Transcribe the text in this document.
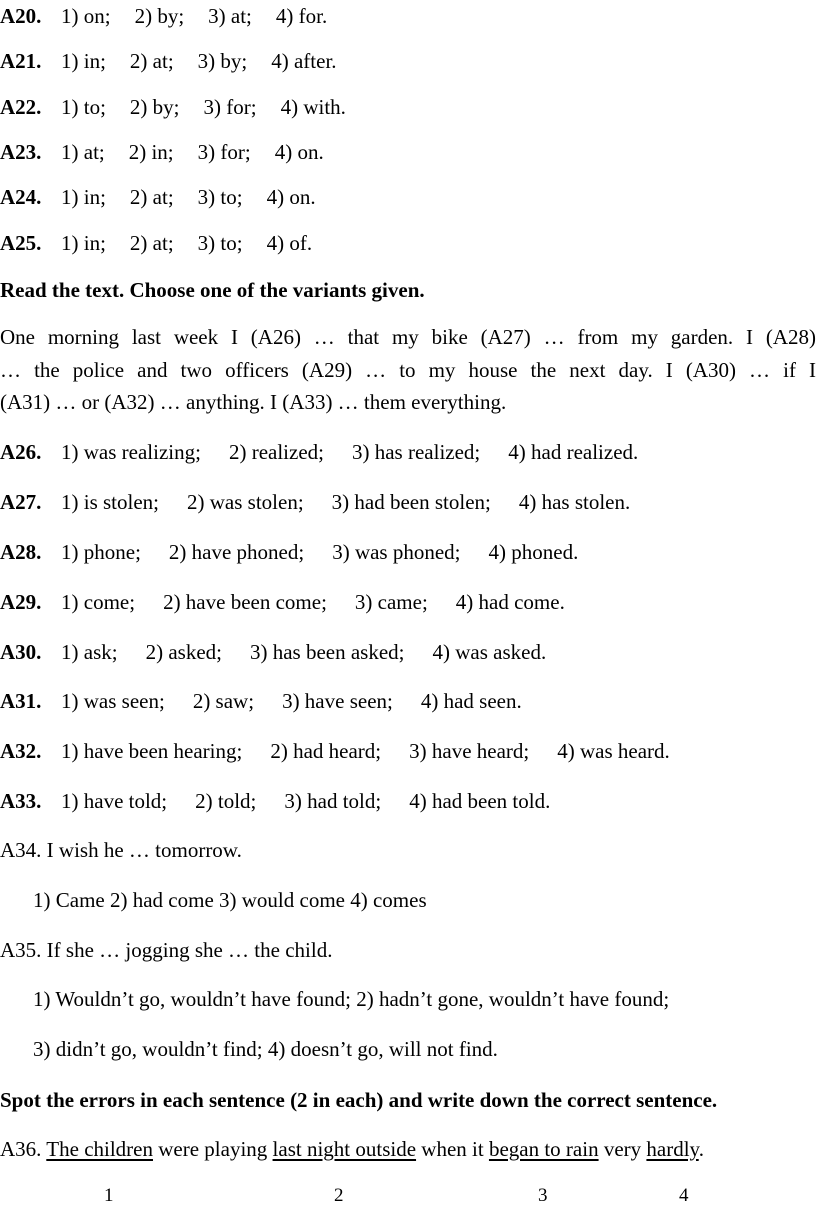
A20. 1) on; 2) by; 3) at; 4) for.
A21. 1) in; 2) at; 3) by; 4) after.
A22. 1) to; 2) by; 3) for; 4) with.
A23. 1) at; 2) in; 3) for; 4) on.
A24. 1) in; 2) at; 3) to; 4) on.
A25. 1) in; 2) at; 3) to; 4) of.
Read the text. Choose one of the variants given.
One morning last week I (A26) … that my bike (A27) … from my garden. I (A28)
… the police and two officers (A29) … to my house the next day. I (A30) … if I
(A31) … or (A32) … anything. I (A33) … them everything.
A26. 1) was realizing; 2) realized; 3) has realized; 4) had realized.
A27. 1) is stolen; 2) was stolen; 3) had been stolen; 4) has stolen.
A28. 1) phone; 2) have phoned; 3) was phoned; 4) phoned.
A29. 1) come; 2) have been come; 3) came; 4) had come.
A30. 1) ask; 2) asked; 3) has been asked; 4) was asked.
A31. 1) was seen; 2) saw; 3) have seen; 4) had seen.
A32. 1) have been hearing; 2) had heard; 3) have heard; 4) was heard.
A33. 1) have told; 2) told; 3) had told; 4) had been told.
A34. I wish he … tomorrow.
1) Came 2) had come 3) would come 4) comes
A35. If she … jogging she … the child.
1) Wouldn’t go, wouldn’t have found; 2) hadn’t gone, wouldn’t have found;
3) didn’t go, wouldn’t find; 4) doesn’t go, will not find.
Spot the errors in each sentence (2 in each) and write down the correct sentence.
A36. The children were playing last night outside when it began to rain very hardly.
1	2	3	4
